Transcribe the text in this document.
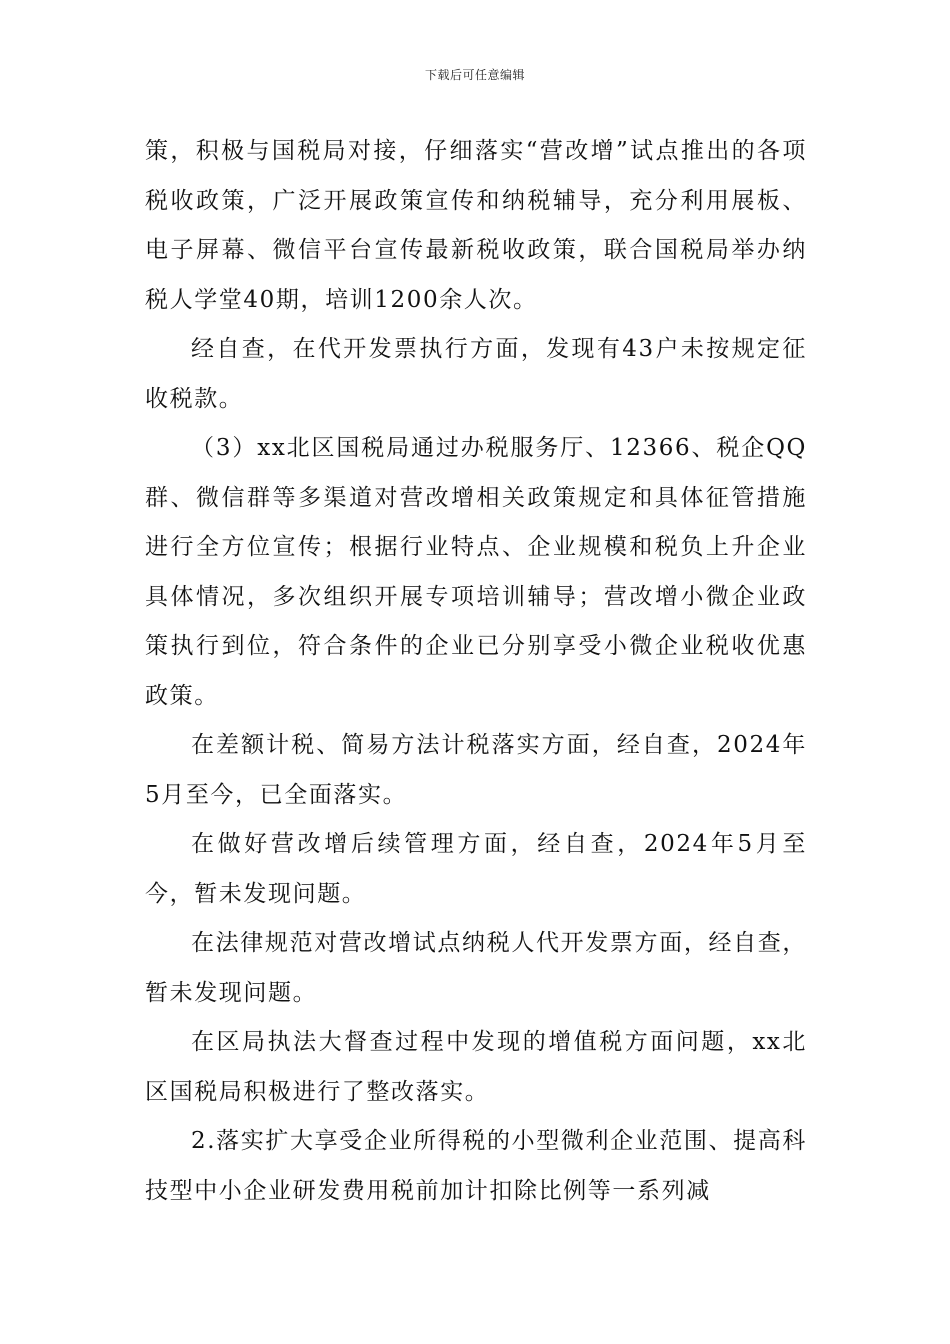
下载后可任意编辑

策，积极与国税局对接，仔细落实“营改增”试点推出的各项税收政策，广泛开展政策宣传和纳税辅导，充分利用展板、电子屏幕、微信平台宣传最新税收政策，联合国税局举办纳税人学堂40期，培训1200余人次。

经自查，在代开发票执行方面，发现有43户未按规定征收税款。

（3）xx北区国税局通过办税服务厅、12366、税企QQ群、微信群等多渠道对营改增相关政策规定和具体征管措施进行全方位宣传；根据行业特点、企业规模和税负上升企业具体情况，多次组织开展专项培训辅导；营改增小微企业政策执行到位，符合条件的企业已分别享受小微企业税收优惠政策。

在差额计税、简易方法计税落实方面，经自查，2024年5月至今，已全面落实。

在做好营改增后续管理方面，经自查，2024年5月至今，暂未发现问题。

在法律规范对营改增试点纳税人代开发票方面，经自查，暂未发现问题。

在区局执法大督查过程中发现的增值税方面问题，xx北区国税局积极进行了整改落实。

2.落实扩大享受企业所得税的小型微利企业范围、提高科技型中小企业研发费用税前加计扣除比例等一系列减
